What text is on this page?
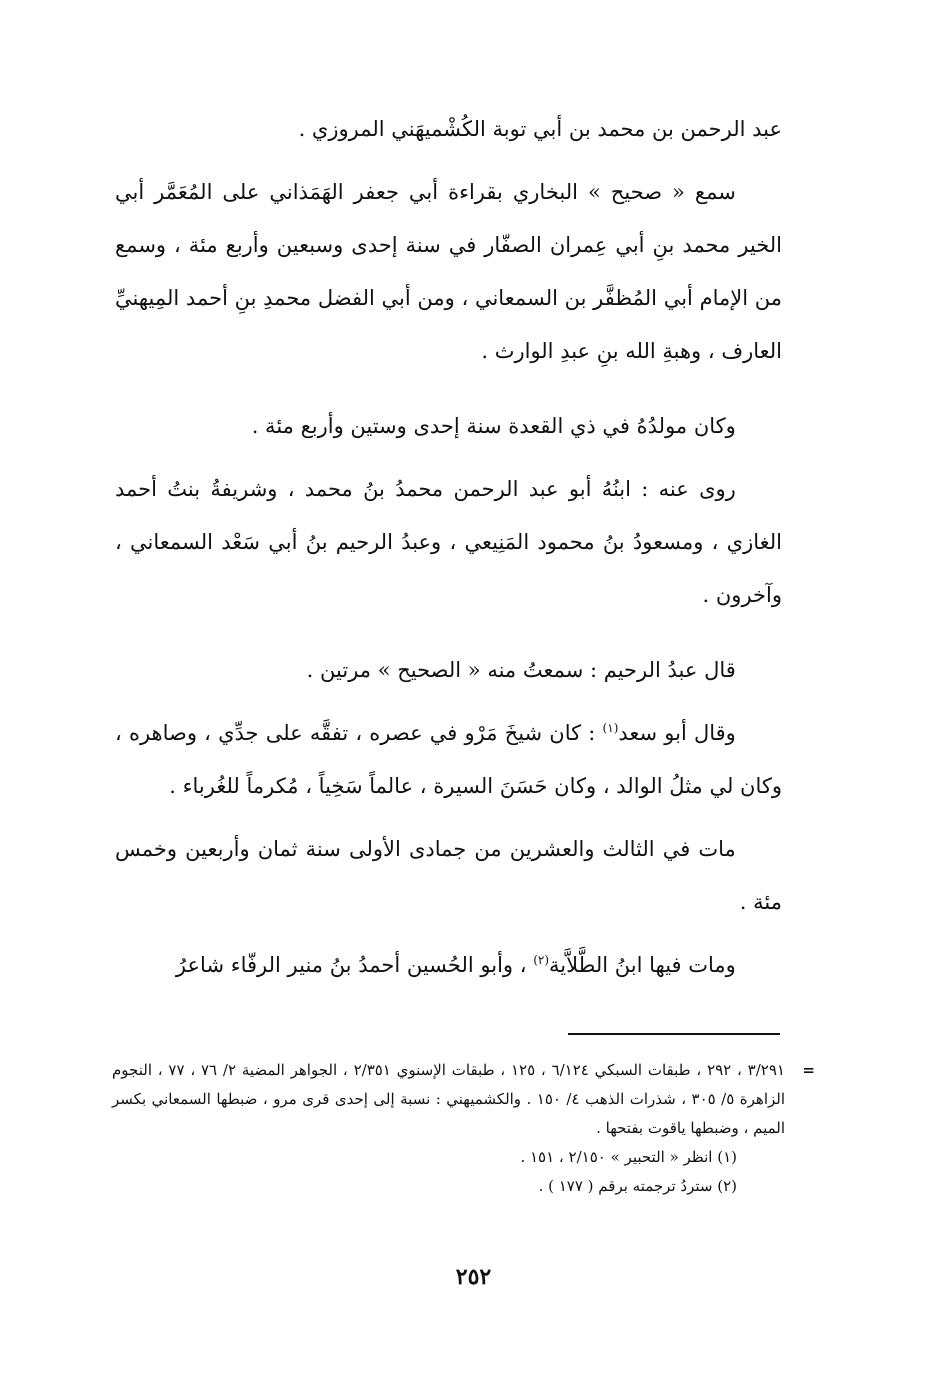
عبد الرحمن بن محمد بن أبي توبة الكُشْميهَني المروزي .

سمع « صحيح » البخاري بقراءة أبي جعفر الهَمَذاني على المُعَمَّر أبي الخير محمد بنِ أبي عِمران الصفّار في سنة إحدى وسبعين وأربع مئة ، وسمع من الإمام أبي المُظفَّر بن السمعاني ، ومن أبي الفضل محمدِ بنِ أحمد المِيهنيِّ العارف ، وهبةِ الله بنِ عبدِ الوارث .

وكان مولدُهُ في ذي القعدة سنة إحدى وستين وأربع مئة .

روى عنه : ابنُهُ أبو عبد الرحمن محمدُ بنُ محمد ، وشريفةُ بنتُ أحمد الغازي ، ومسعودُ بنُ محمود المَنِيعي ، وعبدُ الرحيم بنُ أبي سَعْد السمعاني ، وآخرون .

قال عبدُ الرحيم : سمعتُ منه « الصحيح » مرتين .

وقال أبو سعد$^{(١)}$ : كان شيخَ مَرْو في عصره ، تفقَّه على جدِّي ، وصاهره ، وكان لي مثلُ الوالد ، وكان حَسَنَ السيرة ، عالماً سَخِياً ، مُكرماً للغُرباء .

مات في الثالث والعشرين من جمادى الأولى سنة ثمان وأربعين وخمس مئة .

ومات فيها ابنُ الطَّلاَّية$^{(٢)}$ ، وأبو الحُسين أحمدُ بنُ منير الرفّاء شاعرُ

=
٣/٢٩١ ، ٢٩٢ ، طبقات السبكي ٦/١٢٤ ، ١٢٥ ، طبقات الإسنوي ٢/٣٥١ ، الجواهر المضية ٢/ ٧٦ ، ٧٧ ، النجوم الزاهرة ٥/ ٣٠٥ ، شذرات الذهب ٤/ ١٥٠ . والكشميهني : نسبة إلى إحدى قرى مرو ، ضبطها السمعاني بكسر الميم ، وضبطها ياقوت بفتحها .

(١) انظر « التحبير » ٢/١٥٠ ، ١٥١ .

(٢) ستردُ ترجمته برقم ( ١٧٧ ) .

٢٥٢
